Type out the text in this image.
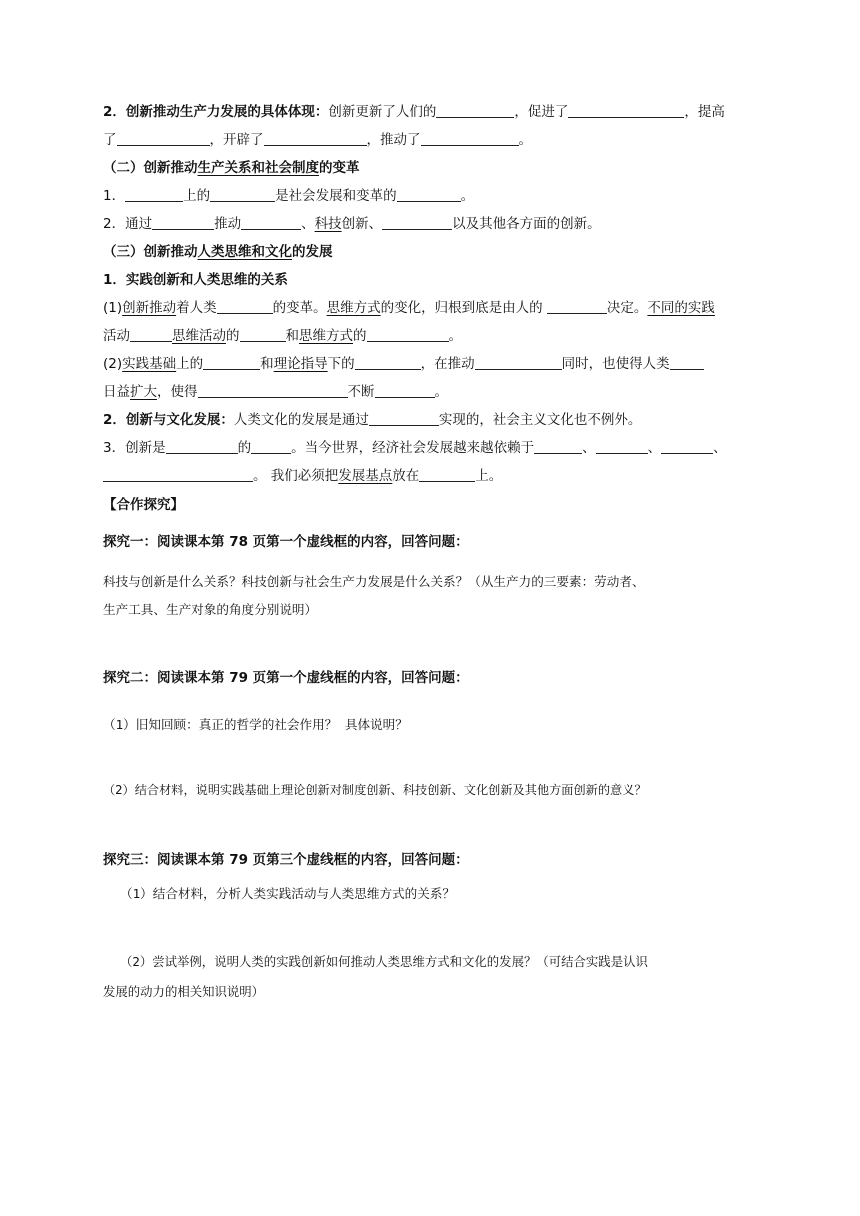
2．创新推动生产力发展的具体体现：创新更新了人们的	，促进了	，提高
了	，开辟了	，推动了	。
（二）创新推动生产关系和社会制度的变革
1．	上的	是社会发展和变革的	。
2．通过	推动	、科技创新、	以及其他各方面的创新。
（三）创新推动人类思维和文化的发展
1．实践创新和人类思维的关系
(1)创新推动着人类	的变革。思维方式的变化，归根到底是由人的	决定。不同的实践
活动	思维活动的	和思维方式的	。
(2)实践基础上的	和理论指导下的	，在推动	同时，也使得人类
日益扩大，使得	不断	。
2．创新与文化发展：人类文化的发展是通过	实现的，社会主义文化也不例外。
3．创新是	的	。当今世界，经济社会发展越来越依赖于	、	、	、
。 我们必须把发展基点放在	上。
【合作探究】
探究一：阅读课本第 78 页第一个虚线框的内容，回答问题：
科技与创新是什么关系？科技创新与社会生产力发展是什么关系？（从生产力的三要素：劳动者、
生产工具、生产对象的角度分别说明）
探究二：阅读课本第 79 页第一个虚线框的内容，回答问题：
（1）旧知回顾：真正的哲学的社会作用？ 具体说明？
（2）结合材料，说明实践基础上理论创新对制度创新、科技创新、文化创新及其他方面创新的意义？
探究三：阅读课本第 79 页第三个虚线框的内容，回答问题：
（1）结合材料，分析人类实践活动与人类思维方式的关系？
（2）尝试举例，说明人类的实践创新如何推动人类思维方式和文化的发展？（可结合实践是认识
发展的动力的相关知识说明）
